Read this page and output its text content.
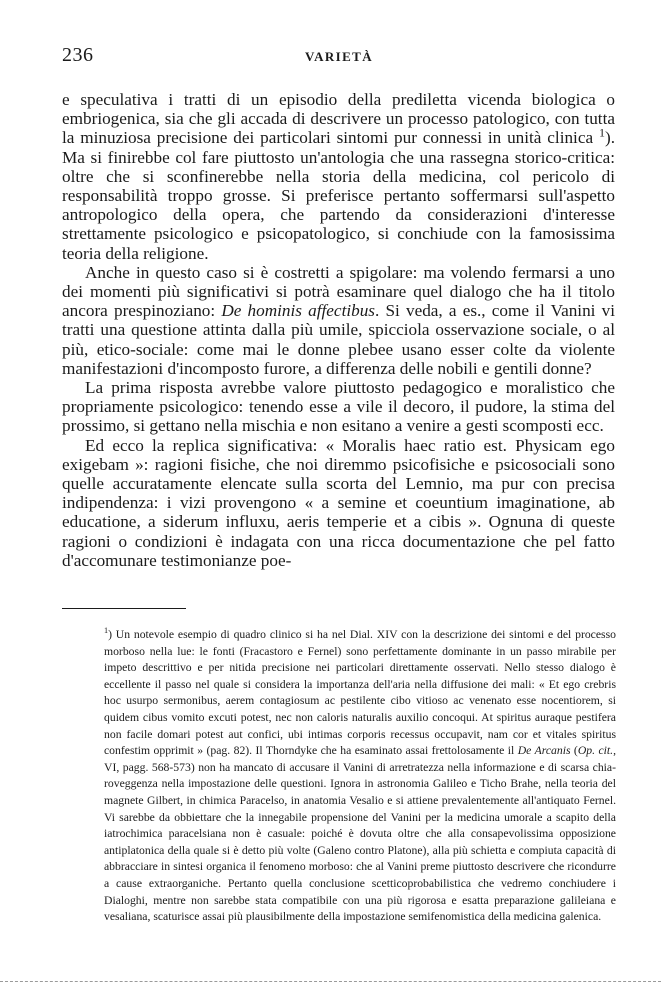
236	VARIETÀ

e speculativa i tratti di un episodio della prediletta vicenda biologica o embriogenica, sia che gli accada di descrivere un processo patologico, con tutta la minuziosa precisione dei particolari sintomi pur connessi in unità clinica $^1$). Ma si finirebbe col fare piuttosto un'antologia che una rassegna storico-critica: oltre che si sconfinerebbe nella storia della medicina, col pericolo di responsabilità troppo grosse. Si preferisce pertanto soffermarsi sull'aspetto antropologico della opera, che partendo da considerazioni d'interesse strettamente psicologico e psicopatologico, si conchiude con la famosissima teoria della religione.

Anche in questo caso si è costretti a spigolare: ma volendo fermarsi a uno dei momenti più significativi si potrà esaminare quel dialogo che ha il titolo ancora prespinoziano: De hominis affectibus. Si veda, a es., come il Vanini vi tratti una questione attinta dalla più umile, spicciola osservazione sociale, o al più, etico-sociale: come mai le donne plebee usano esser colte da violente manifestazioni d'incomposto furore, a differenza delle nobili e gentili donne?

La prima risposta avrebbe valore piuttosto pedagogico e moralistico che propriamente psicologico: tenendo esse a vile il decoro, il pudore, la stima del prossimo, si gettano nella mischia e non esitano a venire a gesti scomposti ecc.

Ed ecco la replica significativa: « Moralis haec ratio est. Physicam ego exigebam »: ragioni fisiche, che noi diremmo psicofisiche e psicosociali sono quelle accuratamente elencate sulla scorta del Lemnio, ma pur con precisa indipendenza: i vizi provengono « a semine et coeuntium imaginatione, ab educatione, a siderum influxu, aeris temperie et a cibis ». Ognuna di queste ragioni o condizioni è indagata con una ricca documentazione che pel fatto d'accomunare testimonianze poe-

$^1$) Un notevole esempio di quadro clinico si ha nel Dial. XIV con la descrizione dei sintomi e del processo morboso nella lue: le fonti (Fracastoro e Fernel) sono perfettamente dominante in un passo mirabile per impeto descrittivo e per nitida precisione nei particolari direttamente osservati. Nello stesso dialogo è eccellente il passo nel quale si considera la importanza dell'aria nella diffusione dei mali: « Et ego crebris hoc usurpo sermonibus, aerem contagiosum ac pestilente cibo vitioso ac venenato esse nocentiorem, si quidem cibus vomito excuti potest, nec non caloris naturalis auxilio concoqui. At spiritus auraque pestifera non facile domari potest aut confici, ubi intimas corporis recessus occupavit, nam cor et vitales spiritus confestim opprimit » (pag. 82). Il Thorndyke che ha esaminato assai frettolosamente il De Arcanis (Op. cit., VI, pagg. 568-573) non ha mancato di accusare il Vanini di arretratezza nella informazione e di scarsa chiaroveggenza nella impostazione delle questioni. Ignora in astronomia Galileo e Ticho Brahe, nella teoria del magnete Gilbert, in chimica Paracelso, in anatomia Vesalio e si attiene prevalentemente all'antiquato Fernel. Vi sarebbe da obbiettare che la innegabile propensione del Vanini per la medicina umorale a scapito della iatrochimica paracelsiana non è casuale: poiché è dovuta oltre che alla consapevolissima opposizione antiplatonica della quale si è detto più volte (Galeno contro Platone), alla più schietta e compiuta capacità di abbracciare in sintesi organica il fenomeno morboso: che al Vanini preme piuttosto descrivere che ricondurre a cause extraorganiche. Pertanto quella conclusione scetticoprobabilistica che vedremo conchiudere i Dialoghi, mentre non sarebbe stata compatibile con una più rigorosa e esatta preparazione galileiana e vesaliana, scaturisce assai più plausibilmente della impostazione semifenomistica della medicina galenica.
